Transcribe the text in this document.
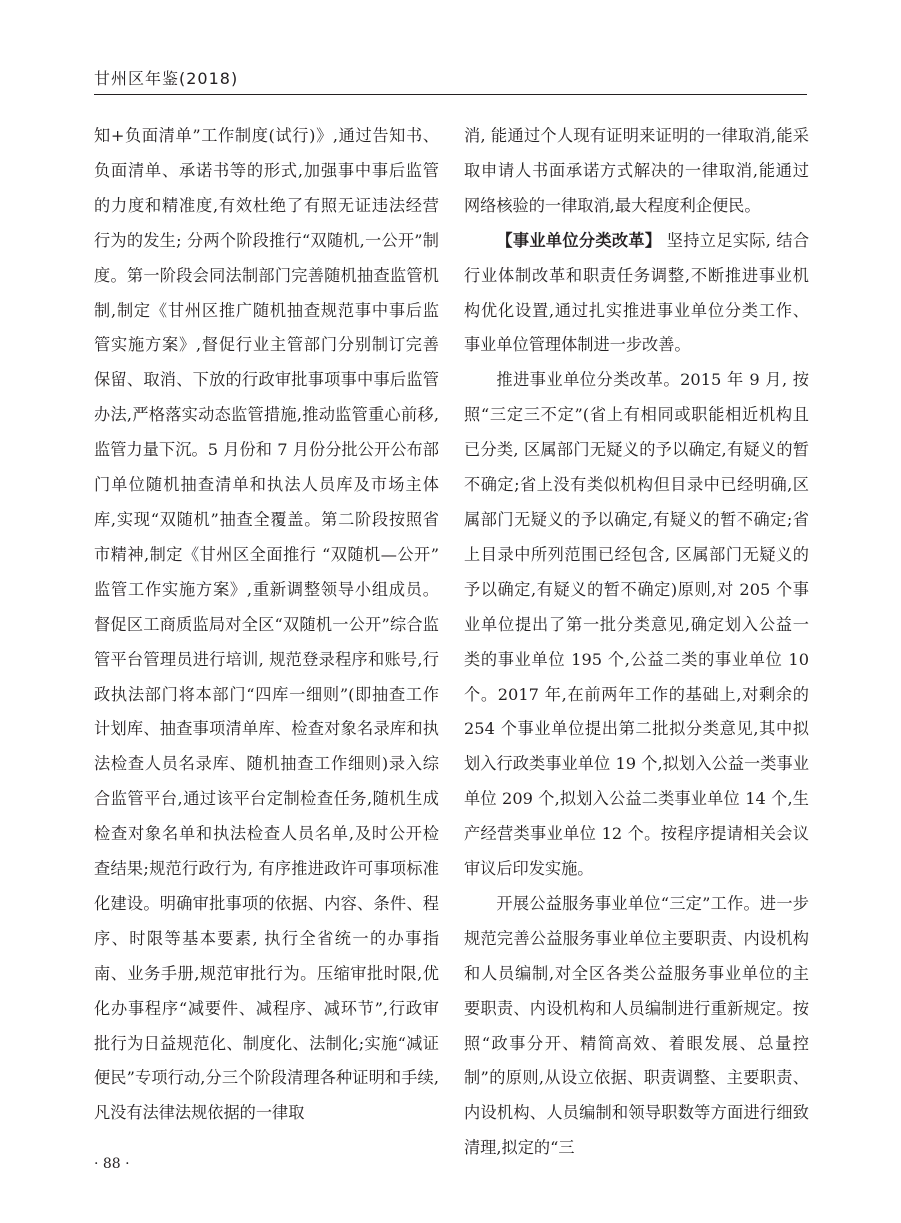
甘州区年鉴(2018)

知+负面清单”工作制度(试行)》,通过告知书、负面清单、承诺书等的形式,加强事中事后监管的力度和精准度,有效杜绝了有照无证违法经营行为的发生; 分两个阶段推行“双随机,一公开”制度。第一阶段会同法制部门完善随机抽查监管机制,制定《甘州区推广随机抽查规范事中事后监管实施方案》,督促行业主管部门分别制订完善保留、取消、下放的行政审批事项事中事后监管办法,严格落实动态监管措施,推动监管重心前移, 监管力量下沉。5 月份和 7 月份分批公开公布部门单位随机抽查清单和执法人员库及市场主体库,实现“双随机”抽查全覆盖。第二阶段按照省市精神,制定《甘州区全面推行 “双随机—公开” 监管工作实施方案》,重新调整领导小组成员。督促区工商质监局对全区“双随机一公开”综合监管平台管理员进行培训, 规范登录程序和账号,行政执法部门将本部门“四库一细则”(即抽查工作计划库、抽查事项清单库、检查对象名录库和执法检查人员名录库、随机抽查工作细则)录入综合监管平台,通过该平台定制检查任务,随机生成检查对象名单和执法检查人员名单,及时公开检查结果;规范行政行为, 有序推进政许可事项标准化建设。明确审批事项的依据、内容、条件、程序、时限等基本要素, 执行全省统一的办事指南、业务手册,规范审批行为。压缩审批时限,优化办事程序“减要件、减程序、减环节”,行政审批行为日益规范化、制度化、法制化;实施“减证便民”专项行动,分三个阶段清理各种证明和手续,凡没有法律法规依据的一律取

消, 能通过个人现有证明来证明的一律取消,能采取申请人书面承诺方式解决的一律取消,能通过网络核验的一律取消,最大程度利企便民。

【事业单位分类改革】 坚持立足实际, 结合行业体制改革和职责任务调整,不断推进事业机构优化设置,通过扎实推进事业单位分类工作、事业单位管理体制进一步改善。

推进事业单位分类改革。2015 年 9 月, 按照“三定三不定”(省上有相同或职能相近机构且已分类, 区属部门无疑义的予以确定,有疑义的暂不确定;省上没有类似机构但目录中已经明确,区属部门无疑义的予以确定,有疑义的暂不确定;省上目录中所列范围已经包含, 区属部门无疑义的予以确定,有疑义的暂不确定)原则,对 205 个事业单位提出了第一批分类意见,确定划入公益一类的事业单位 195 个,公益二类的事业单位 10 个。2017 年,在前两年工作的基础上,对剩余的 254 个事业单位提出第二批拟分类意见,其中拟划入行政类事业单位 19 个,拟划入公益一类事业单位 209 个,拟划入公益二类事业单位 14 个,生产经营类事业单位 12 个。按程序提请相关会议审议后印发实施。

开展公益服务事业单位“三定”工作。进一步规范完善公益服务事业单位主要职责、内设机构和人员编制,对全区各类公益服务事业单位的主要职责、内设机构和人员编制进行重新规定。按照“政事分开、精简高效、着眼发展、总量控制”的原则,从设立依据、职责调整、主要职责、内设机构、人员编制和领导职数等方面进行细致清理,拟定的“三

· 88 ·
